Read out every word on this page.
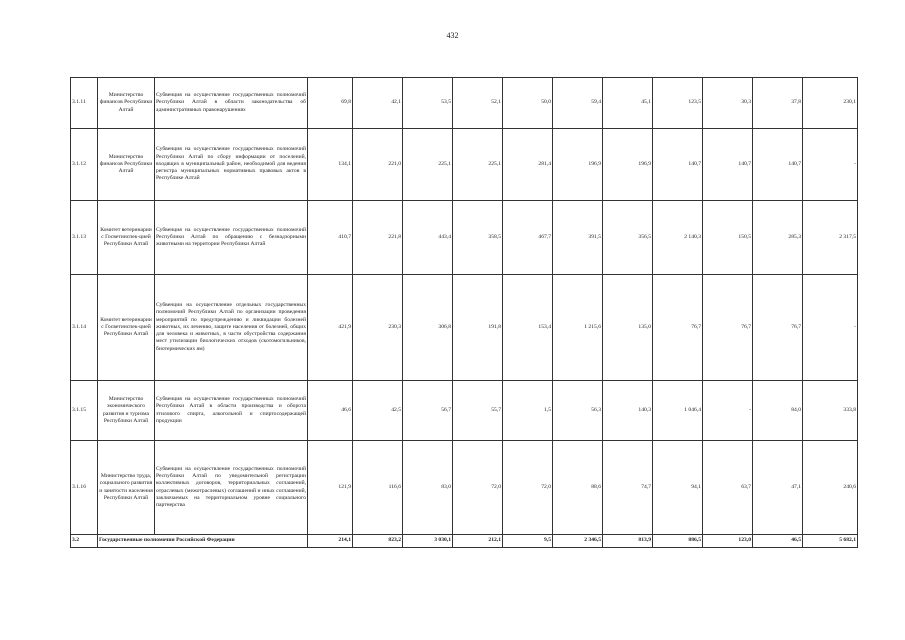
432
3.1.11	Министерство финансов Республики Алтай	Субвенция на осуществление государственных полномочий Республики Алтай в области законодательства об административных правонарушениях	69,8	42,1	53,5	52,1	50,0	59,4	45,1	123,5	30,3	37,8	230,1
3.1.12	Министерство финансов Республики Алтай	Субвенция на осуществление государственных полномочий Республики Алтай по сбору информации от поселений, входящих в муниципальный район, необходимой для ведения регистра муниципальных нормативных правовых актов в Республике Алтай	134,1	221,0	225,1	225,1	281,4	196,9	196,9	140,7	140,7	140,7	-
3.1.13	Комитет ветеринарии с Госветинспек-цией Республики Алтай	Субвенция на осуществление государственных полномочий Республики Алтай по обращению с безнадзорными животными на территории Республики Алтай	410,7	221,8	443,4	358,5	467,7	391,5	356,5	2 140,3	150,5	285,3	2 317,5
3.1.14	Комитет ветеринарии с Госветинспек-цией Республики Алтай	Субвенции на осуществление отдельных государственных полномочий Республики Алтай по организации проведения мероприятий по предупреждению и ликвидации болезней животных, их лечению, защите населения от болезней, общих для человека и животных, в части обустройства содержания мест утилизации биологических отходов (скотомогильников, биотермических ям)	421,9	230,3	306,8	191,8	153,4	1 215,6	135,0	76,7	76,7	76,7	-
3.1.15	Министерство экономического развития и туризма Республики Алтай	Субвенция на осуществление государственных полномочий Республики Алтай в области производства и оборота этилового спирта, алкогольной и спиртосодержащей продукции	46,6	42,5	56,7	55,7	1,5	56,3	140,3	1 046,4	-	84,0	333,8
3.1.16	Министерство труда, социального развития и занятости населения Республики Алтай	Субвенции на осуществление государственных полномочий Республики Алтай по уведомительной регистрации коллективных договоров, территориальных соглашений, отраслевых (межотраслевых) соглашений и иных соглашений, заключаемых на территориальном уровне социального партнерства	121,9	116,6	83,0	72,0	72,0	88,6	74,7	94,1	63,7	47,1	240,6
3.2	Государственные полномочия Российской Федерации		214,1	823,2	3 030,1	212,1	9,5	2 346,5	813,9	886,5	123,0	46,5	5 682,1
